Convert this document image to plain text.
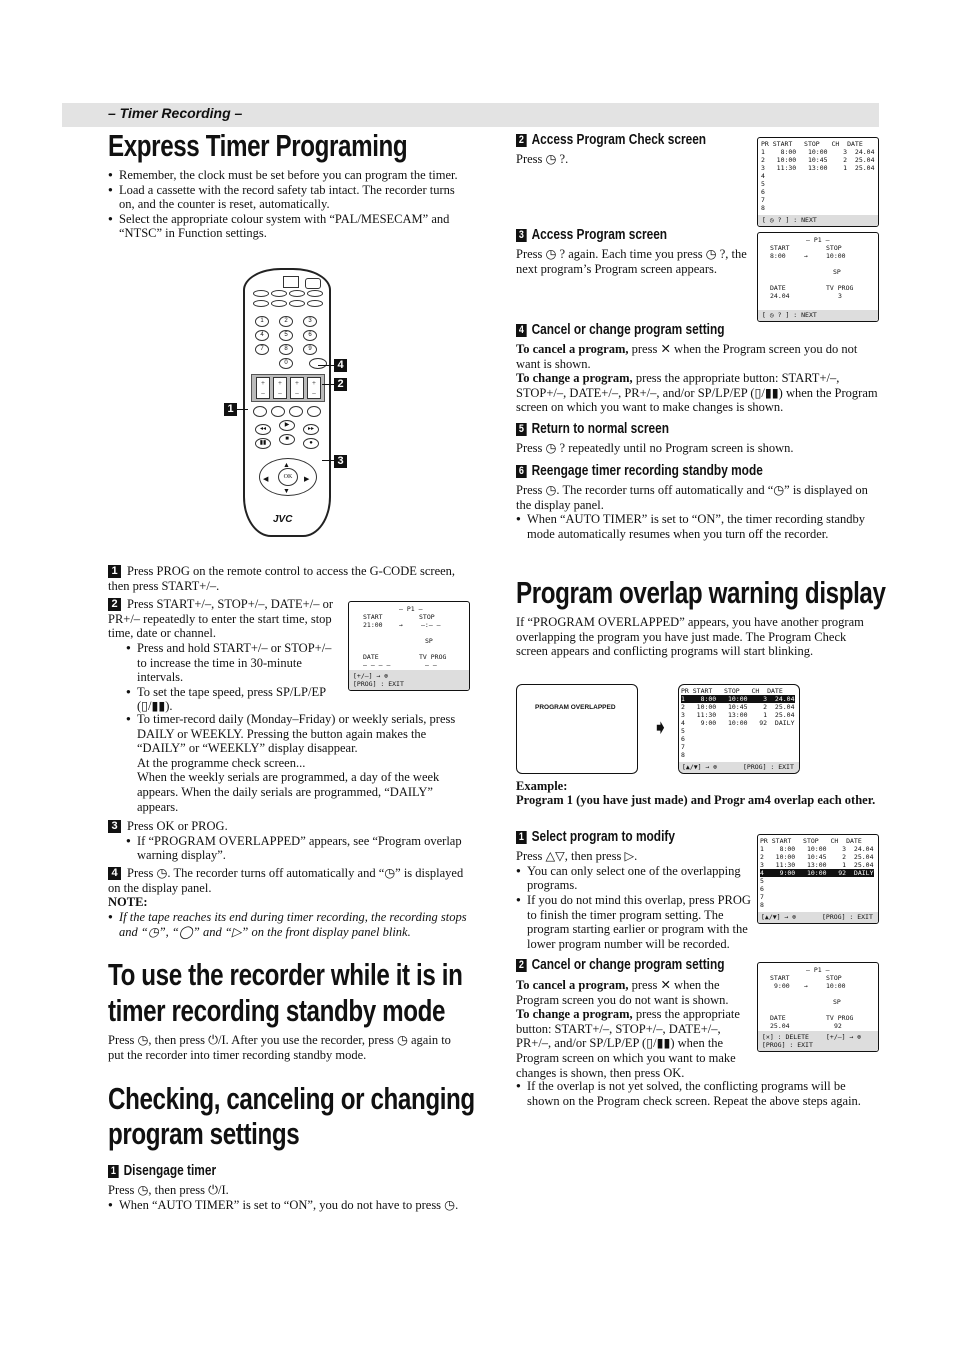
– Timer Recording –
Express Timer Programing

● Remember, the clock must be set before you can program the timer.

● Load a cassette with the record safety tab intact. The recorder turns on, and the counter is reset, automatically.

● Select the appropriate colour system with “PAL/MESECAM” and “NTSC” in Function settings.

1	2	3
4	5	6
7	8	9
0
+
–
+
–
+
–
+
–
◂◂
▶
▸▸
■
▮▮	●
OK
▲
▼
◀	▶
JVC
1
2
4
3
1 Press PROG on the remote control to access the G-CODE screen, then press START+/–.
2 Press START+/–, STOP+/–, DATE+/– or PR+/– repeatedly to enter the start time, stop time, date or channel.

● Press and hold START+/– or STOP+/– to increase the time in 30-minute intervals.

● To set the tape speed, press SP/LP/EP (▯/▮▮).

● To timer-record daily (Monday–Friday) or weekly serials, press DAILY or WEEKLY. Pressing the button again makes the “DAILY” or “WEEKLY” display disappear.

At the programme check screen...

When the weekly serials are programmed, a day of the week appears. When the daily serials are programmed, “DAILY” appears.

– P1 –
START	STOP
21:00	→	–:– –
SP
DATE	TV PROG
– – – –	– –
[+/–] → ⊗
[PROG] : EXIT
3 Press OK or PROG.

● If “PROGRAM OVERLAPPED” appears, see “Program overlap warning display”.

4 Press ◷. The recorder turns off automatically and “◷” is displayed on the display panel.
NOTE:

● If the tape reaches its end during timer recording, the recording stops and “◷”, “◯” and “▷” on the front display panel blink.

To use the recorder while it is in
timer recording standby mode
Press ◷, then press ⏻/I. After you use the recorder, press ◷ again to put the recorder into timer recording standby mode.
Checking, canceling or changing
program settings
1 Disengage timer

Press ◷, then press ⏻/I.

● When “AUTO TIMER” is set to “ON”, you do not have to press ◷.

2 Access Program Check screen
Press ◷ ?.
PR START   STOP   CH  DATE
1    8:00   10:00    3  24.04
2   10:00   10:45    2  25.04
3   11:30   13:00    1  25.04
4
5
6
7
8
[ ◷ ? ] : NEXT
3 Access Program screen
Press ◷ ? again. Each time you press ◷ ?, the next program’s Program screen appears.
– P1 –
START	STOP
8:00	→	10:00
SP
DATE	TV PROG
24.04	3
[ ◷ ? ] : NEXT
4 Cancel or change program setting

To cancel a program, press ✕ when the Program screen you do not want is shown.

To change a program, press the appropriate button: START+/–, STOP+/–, DATE+/–, PR+/–, and/or SP/LP/EP (▯/▮▮) when the Program screen on which you want to make changes is shown.

5 Return to normal screen
Press ◷ ? repeatedly until no Program screen is shown.
6 Reengage timer recording standby mode

Press ◷. The recorder turns off automatically and “◷” is displayed on the display panel.

● When “AUTO TIMER” is set to “ON”, the timer recording standby mode automatically resumes when you turn off the recorder.

Program overlap warning display
If “PROGRAM OVERLAPPED” appears, you have another program overlapping the program you have just made. The Program Check screen appears and conflicting programs will start blinking.
PROGRAM OVERLAPPED
➧
PR START   STOP   CH  DATE
1    8:00   10:00    3  24.04
2   10:00   10:45    2  25.04
3   11:30   13:00    1  25.04
4    9:00   10:00   92  DAILY
5
6
7
8
[▲/▼] → ⊗	[PROG] : EXIT
Example:
Program 1 (you have just made) and Progr am4 overlap each other.
1 Select program to modify

Press △▽, then press ▷.

● You can only select one of the overlapping programs.

● If you do not mind this overlap, press PROG to finish the timer program setting. The program starting earlier or program with the lower program number will be recorded.

PR START   STOP   CH  DATE
1    8:00   10:00    3  24.04
2   10:00   10:45    2  25.04
3   11:30   13:00    1  25.04
4    9:00   10:00   92  DAILY
5
6
7
8
[▲/▼] → ⊗	[PROG] : EXIT
2 Cancel or change program setting

To cancel a program, press ✕ when the Program screen you do not want is shown.

To change a program, press the appropriate button: START+/–, STOP+/–, DATE+/–, PR+/–, and/or SP/LP/EP (▯/▮▮) when the Program screen on which you want to make changes is shown, then press OK.

● If the overlap is not yet solved, the conflicting programs will be shown on the Program check screen. Repeat the above steps again.

– P1 –
START	STOP
9:00 →	10:00
SP
DATE	TV PROG
25.04	92
[✕] : DELETE
[PROG] : EXIT
[+/–] → ⊗
